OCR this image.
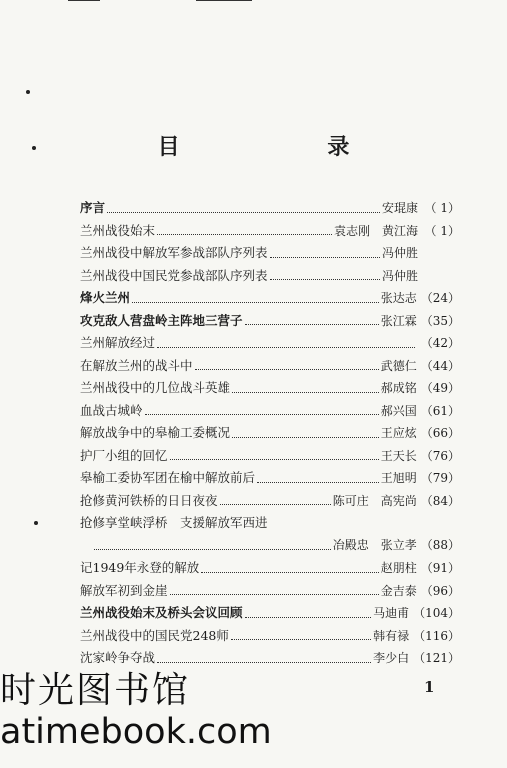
目 录
序言	安琨康 （ 1）
兰州战役始末	袁志刚　黄江海 （ 1）
兰州战役中解放军参战部队序列表	冯仲胜
兰州战役中国民党参战部队序列表	冯仲胜
烽火兰州	张达志 （24）
攻克敌人营盘岭主阵地三营子	张江霖 （35）
兰州解放经过	（42）
在解放兰州的战斗中	武德仁 （44）
兰州战役中的几位战斗英雄	郝成铭 （49）
血战古城岭	郝兴国 （61）
解放战争中的皋榆工委概况	王应炫 （66）
护厂小组的回忆	王天长 （76）
皋榆工委协军团在榆中解放前后	王旭明 （79）
抢修黄河铁桥的日日夜夜	陈可庄　高宪尚 （84）
抢修享堂峡浮桥　支援解放军西进
冶殿忠　张立孝 （88）
记1949年永登的解放	赵朋柱 （91）
解放军初到金崖	金吉泰 （96）
兰州战役始末及桥头会议回顾	马迪甫 （104）
兰州战役中的国民党248师	韩有禄 （116）
沈家岭争夺战	李少白 （121）
1
时光图书馆
atimebook.com
